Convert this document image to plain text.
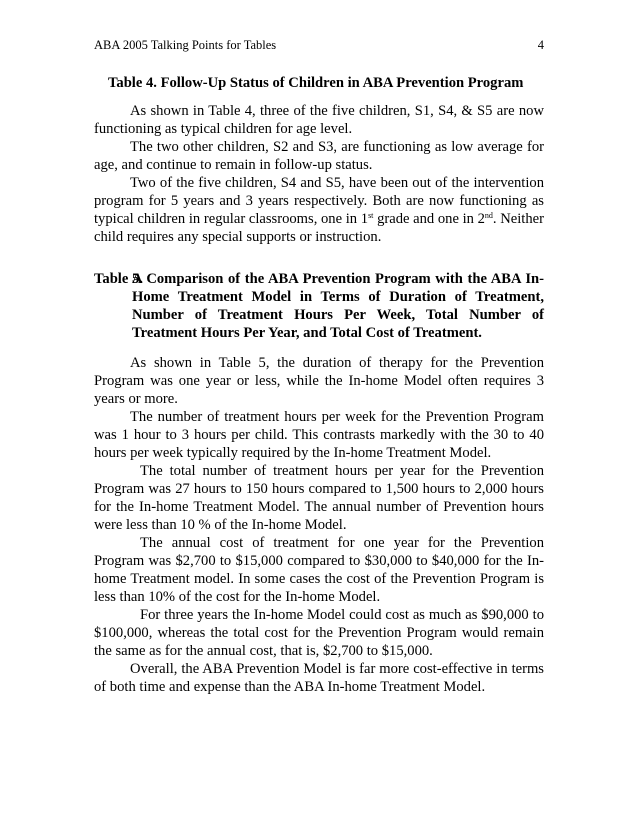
ABA 2005 Talking Points for Tables	4
Table 4. Follow-Up Status of Children in ABA Prevention Program

As shown in Table 4, three of the five children, S1, S4, & S5 are now functioning as typical children for age level.

The two other children, S2 and S3, are functioning as low average for age, and continue to remain in follow-up status.

Two of the five children, S4 and S5, have been out of the intervention program for 5 years and 3 years respectively. Both are now functioning as typical children in regular classrooms, one in 1st grade and one in 2nd. Neither child requires any special supports or instruction.

Table 5.
A Comparison of the ABA Prevention Program with the ABA In-Home Treatment Model in Terms of Duration of Treatment, Number of Treatment Hours Per Week, Total Number of Treatment Hours Per Year, and Total Cost of Treatment.

As shown in Table 5, the duration of therapy for the Prevention Program was one year or less, while the In-home Model often requires 3 years or more.

The number of treatment hours per week for the Prevention Program was 1 hour to 3 hours per child. This contrasts markedly with the 30 to 40 hours per week typically required by the In-home Treatment Model.

The total number of treatment hours per year for the Prevention Program was 27 hours to 150 hours compared to 1,500 hours to 2,000 hours for the In-home Treatment Model. The annual number of Prevention hours were less than 10 % of the In-home Model.

The annual cost of treatment for one year for the Prevention Program was $2,700 to $15,000 compared to $30,000 to $40,000 for the In-home Treatment model. In some cases the cost of the Prevention Program is less than 10% of the cost for the In-home Model.

For three years the In-home Model could cost as much as $90,000 to $100,000, whereas the total cost for the Prevention Program would remain the same as for the annual cost, that is, $2,700 to $15,000.

Overall, the ABA Prevention Model is far more cost-effective in terms of both time and expense than the ABA In-home Treatment Model.
